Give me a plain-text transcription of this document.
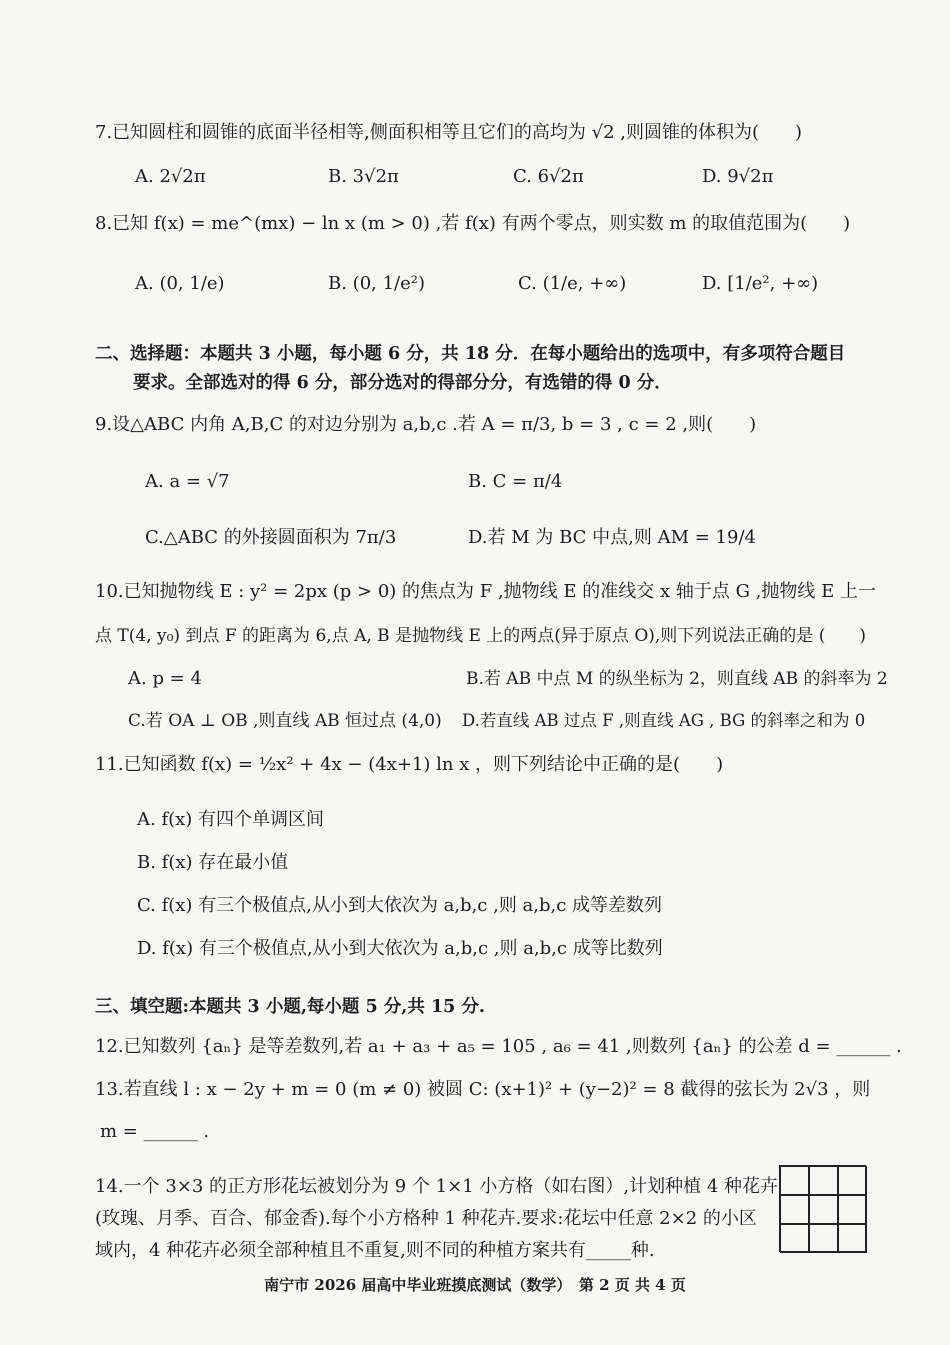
7.已知圆柱和圆锥的底面半径相等,侧面积相等且它们的高均为 √2 ,则圆锥的体积为(　　)
A. 2√2π	B. 3√2π	C. 6√2π	D. 9√2π
8.已知 f(x) = me^(mx) − ln x (m > 0) ,若 f(x) 有两个零点，则实数 m 的取值范围为(　　)
A. (0, 1/e)	B. (0, 1/e²)	C. (1/e, +∞)	D. [1/e², +∞)
二、选择题：本题共 3 小题，每小题 6 分，共 18 分．在每小题给出的选项中，有多项符合题目
要求。全部选对的得 6 分，部分选对的得部分分，有选错的得 0 分．
9.设△ABC 内角 A,B,C 的对边分别为 a,b,c .若 A = π/3, b = 3 , c = 2 ,则(　　)
A. a = √7	B. C = π/4
C.△ABC 的外接圆面积为 7π/3	D.若 M 为 BC 中点,则 AM = 19/4
10.已知抛物线 E : y² = 2px (p > 0) 的焦点为 F ,抛物线 E 的准线交 x 轴于点 G ,抛物线 E 上一
点 T(4, y₀) 到点 F 的距离为 6,点 A, B 是抛物线 E 上的两点(异于原点 O),则下列说法正确的是 (　　)
A. p = 4	B.若 AB 中点 M 的纵坐标为 2，则直线 AB 的斜率为 2
C.若 OA ⊥ OB ,则直线 AB 恒过点 (4,0) D.若直线 AB 过点 F ,则直线 AG , BG 的斜率之和为 0
11.已知函数 f(x) = ½x² + 4x − (4x+1) ln x ，则下列结论中正确的是(　　)
A. f(x) 有四个单调区间
B. f(x) 存在最小值
C. f(x) 有三个极值点,从小到大依次为 a,b,c ,则 a,b,c 成等差数列
D. f(x) 有三个极值点,从小到大依次为 a,b,c ,则 a,b,c 成等比数列
三、填空题:本题共 3 小题,每小题 5 分,共 15 分.
12.已知数列 {aₙ} 是等差数列,若 a₁ + a₃ + a₅ = 105 , a₆ = 41 ,则数列 {aₙ} 的公差 d = ______ .
13.若直线 l : x − 2y + m = 0 (m ≠ 0) 被圆 C: (x+1)² + (y−2)² = 8 截得的弦长为 2√3 ，则
m = ______ .
14.一个 3×3 的正方形花坛被划分为 9 个 1×1 小方格（如右图）,计划种植 4 种花卉
(玫瑰、月季、百合、郁金香).每个小方格种 1 种花卉.要求:花坛中任意 2×2 的小区
域内，4 种花卉必须全部种植且不重复,则不同的种植方案共有_____种.
南宁市 2026 届高中毕业班摸底测试（数学）　第 2 页 共 4 页
